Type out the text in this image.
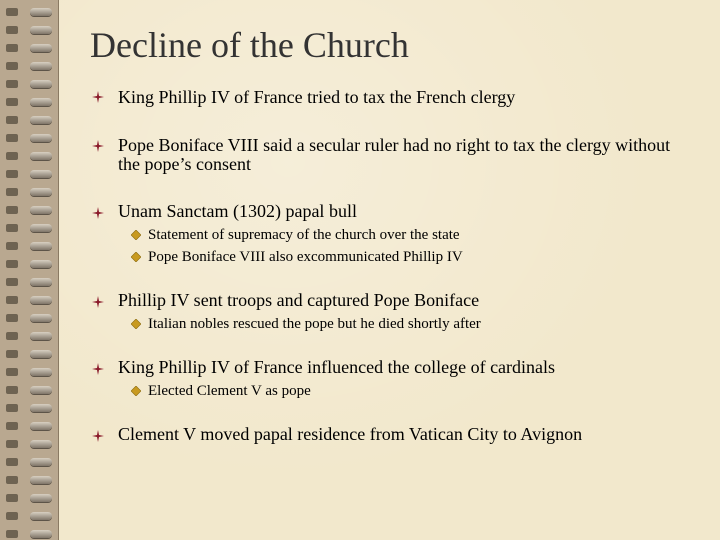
Decline of the Church
King Phillip IV of France tried to tax the French clergy
Pope Boniface VIII said a secular ruler had no right to tax the clergy without the pope’s consent
Unam Sanctam (1302) papal bull
Statement of supremacy of the church over the state
Pope Boniface VIII also excommunicated Phillip IV
Phillip IV sent troops and captured Pope Boniface
Italian nobles rescued the pope but he died shortly after
King Phillip IV of France influenced the college of cardinals
Elected Clement V as pope
Clement V moved papal residence from Vatican City to Avignon
